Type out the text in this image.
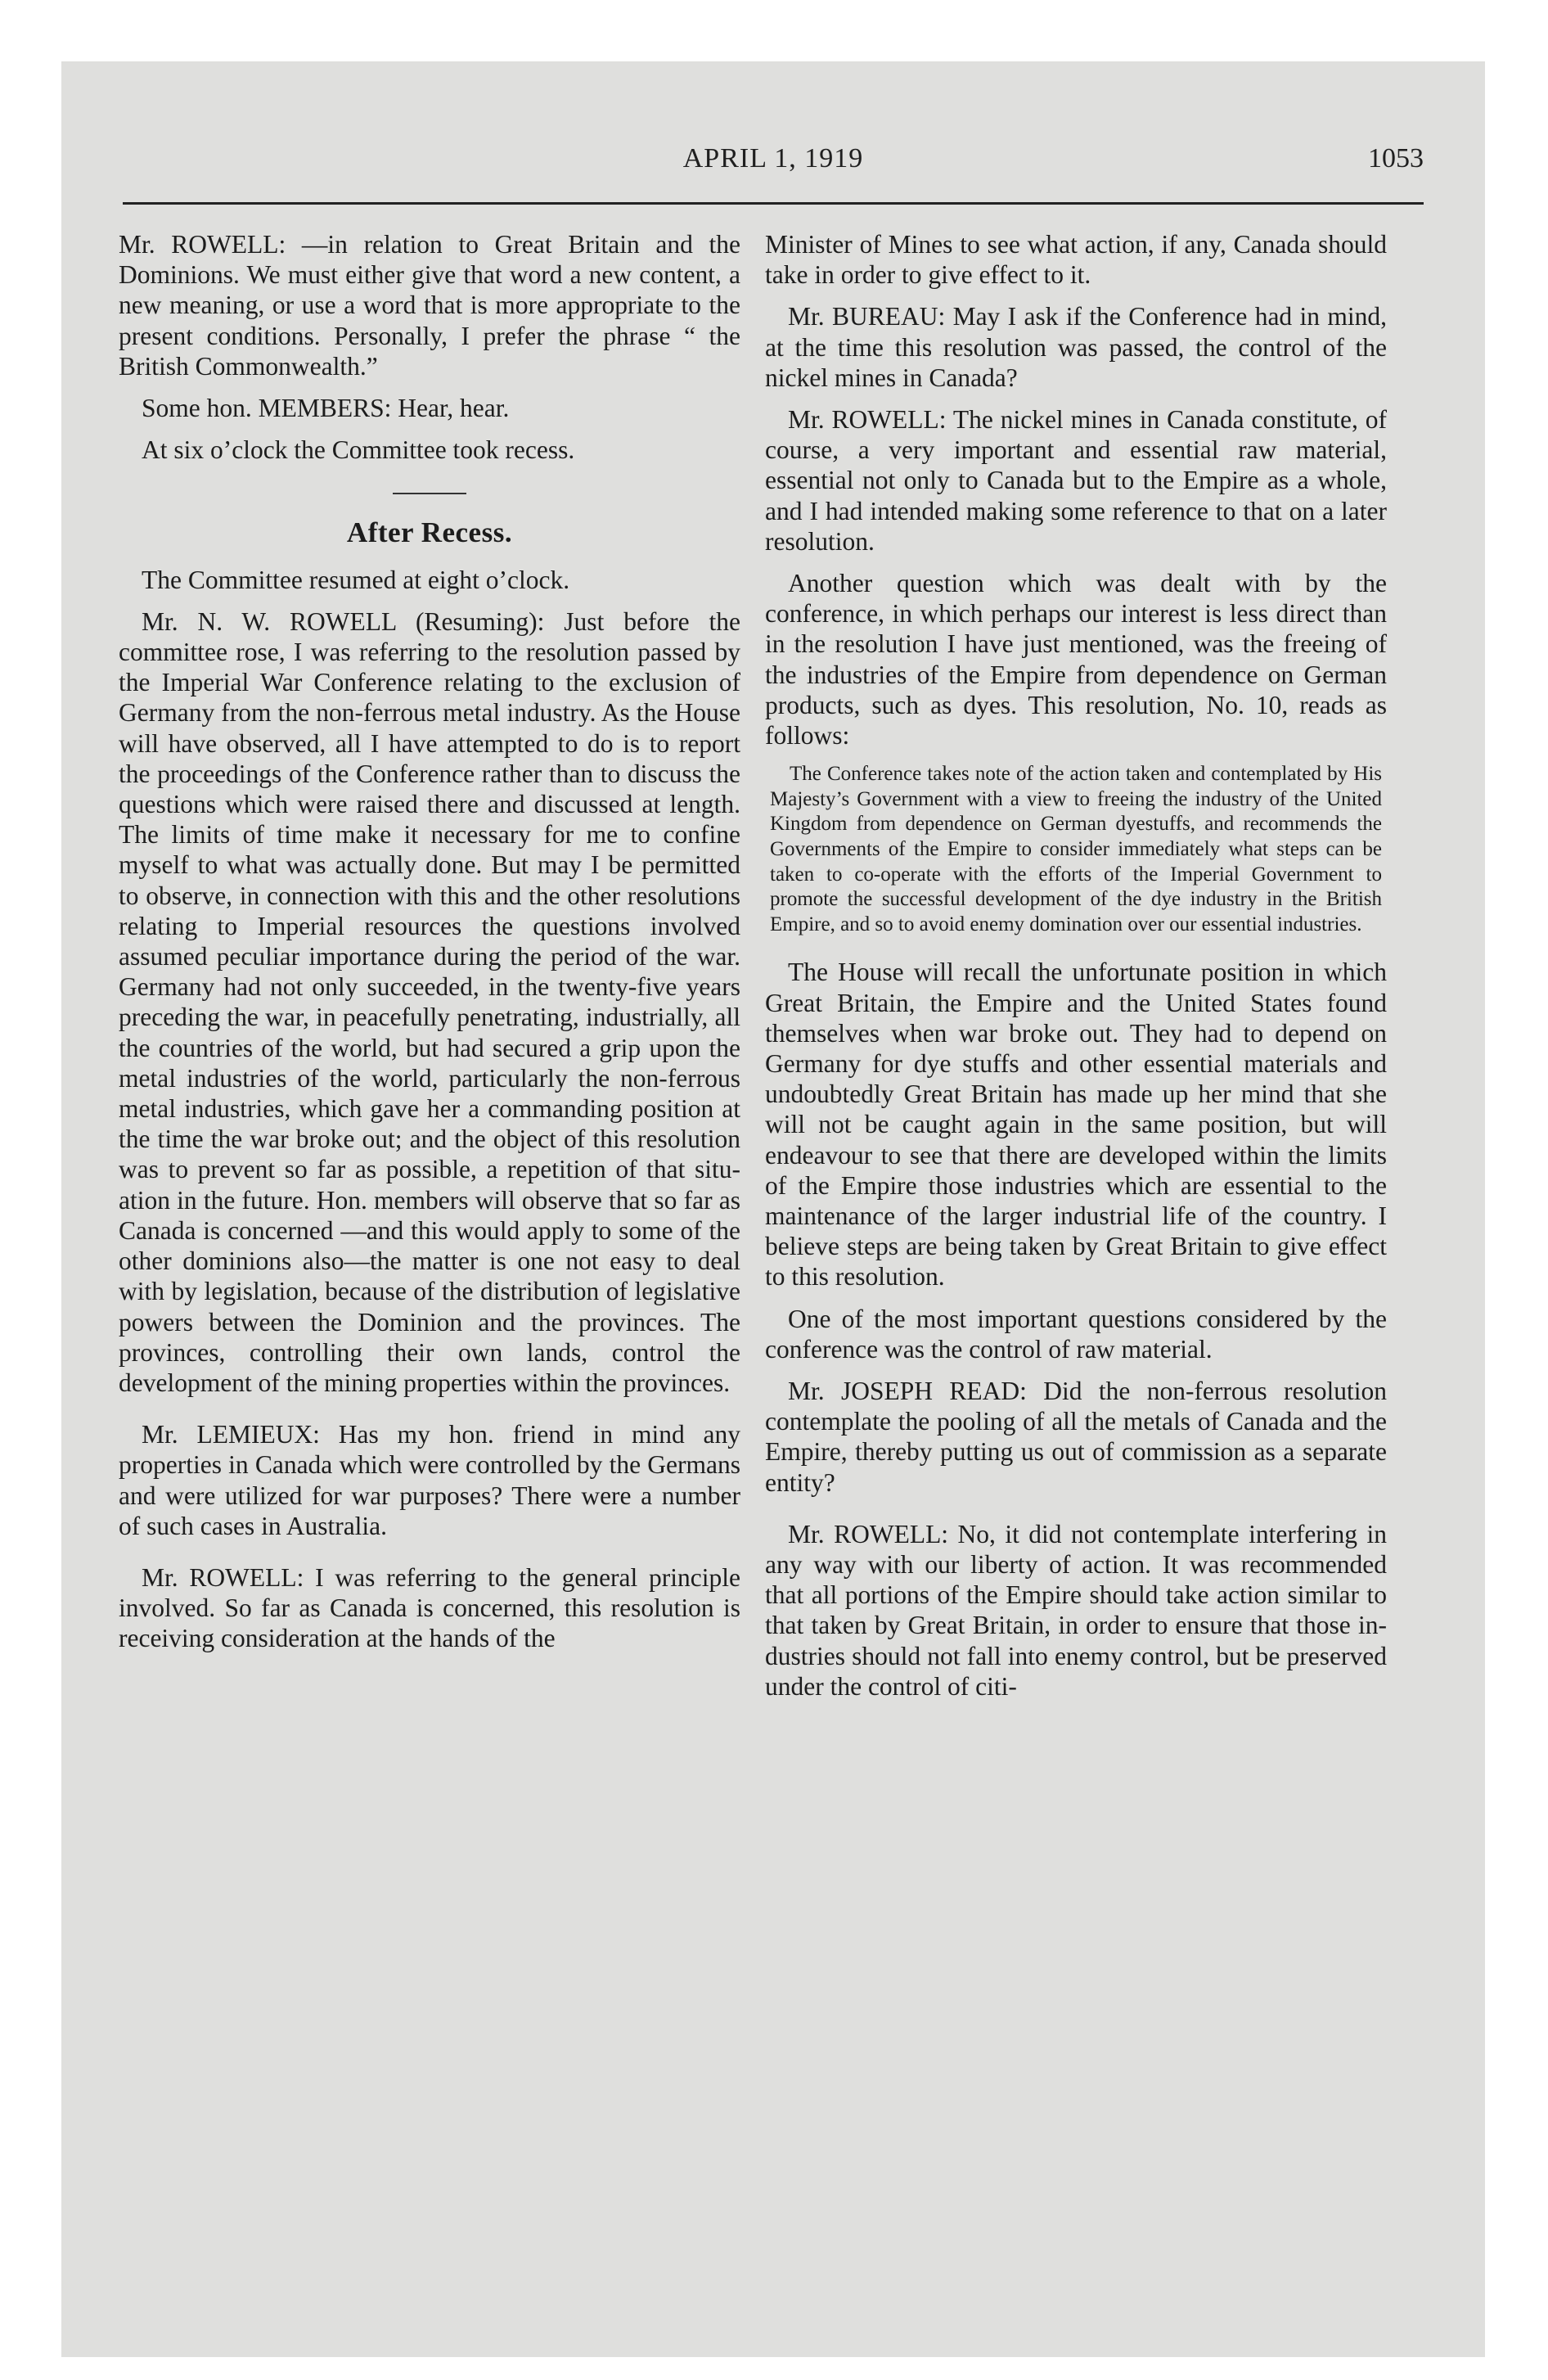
APRIL 1, 1919	1053

Mr. ROWELL: —in relation to Great Britain and the Dominions. We must either give that word a new content, a new meaning, or use a word that is more appropriate to the present conditions. Personally, I prefer the phrase “ the British Commonwealth.”

Some hon. MEMBERS: Hear, hear.

At six o’clock the Committee took recess.

After Recess.

The Committee resumed at eight o’clock.

Mr. N. W. ROWELL (Resuming): Just before the committee rose, I was referring to the resolution passed by the Imperial War Conference relating to the exclusion of Germany from the non-ferrous metal industry. As the House will have observed, all I have attempted to do is to report the proceedings of the Conference rather than to discuss the questions which were raised there and discussed at length. The limits of time make it necessary for me to confine myself to what was actually done. But may I be permitted to observe, in connection with this and the other resolutions relating to Imperial resources the questions involved assumed peculiar importance during the period of the war. Germany had not only succeeded, in the twenty-five years preceding the war, in peacefully penetrating, industrially, all the countries of the world, but had secured a grip upon the metal industries of the world, particularly the non-ferrous metal industries, which gave her a commanding position at the time the war broke out; and the object of this resolution was to prevent so far as possible, a repetition of that situation in the future. Hon. members will observe that so far as Canada is concerned —and this would apply to some of the other dominions also—the matter is one not easy to deal with by legislation, because of the distribution of legislative powers between the Dominion and the provinces. The provinces, controlling their own lands, control the development of the mining properties within the provinces.

Mr. LEMIEUX: Has my hon. friend in mind any properties in Canada which were controlled by the Germans and were utilized for war purposes? There were a number of such cases in Australia.

Mr. ROWELL: I was referring to the general principle involved. So far as Canada is concerned, this resolution is receiving consideration at the hands of the

Minister of Mines to see what action, if any, Canada should take in order to give effect to it.

Mr. BUREAU: May I ask if the Conference had in mind, at the time this resolution was passed, the control of the nickel mines in Canada?

Mr. ROWELL: The nickel mines in Canada constitute, of course, a very important and essential raw material, essential not only to Canada but to the Empire as a whole, and I had intended making some reference to that on a later resolution.

Another question which was dealt with by the conference, in which perhaps our interest is less direct than in the resolution I have just mentioned, was the freeing of the industries of the Empire from dependence on German products, such as dyes. This resolution, No. 10, reads as follows:

The Conference takes note of the action taken and contemplated by His Majesty’s Government with a view to freeing the industry of the United Kingdom from dependence on German dyestuffs, and recommends the Governments of the Empire to consider immediately what steps can be taken to co-operate with the efforts of the Imperial Government to promote the successful development of the dye industry in the British Empire, and so to avoid enemy domination over our essential industries.

The House will recall the unfortunate position in which Great Britain, the Empire and the United States found themselves when war broke out. They had to depend on Germany for dye stuffs and other essential materials and undoubtedly Great Britain has made up her mind that she will not be caught again in the same position, but will endeavour to see that there are developed within the limits of the Empire those industries which are essential to the maintenance of the larger industrial life of the country. I believe steps are being taken by Great Britain to give effect to this resolution.

One of the most important questions considered by the conference was the control of raw material.

Mr. JOSEPH READ: Did the non-ferrous resolution contemplate the pooling of all the metals of Canada and the Empire, thereby putting us out of commission as a separate entity?

Mr. ROWELL: No, it did not contemplate interfering in any way with our liberty of action. It was recommended that all portions of the Empire should take action similar to that taken by Great Britain, in order to ensure that those industries should not fall into enemy control, but be preserved under the control of citi-
